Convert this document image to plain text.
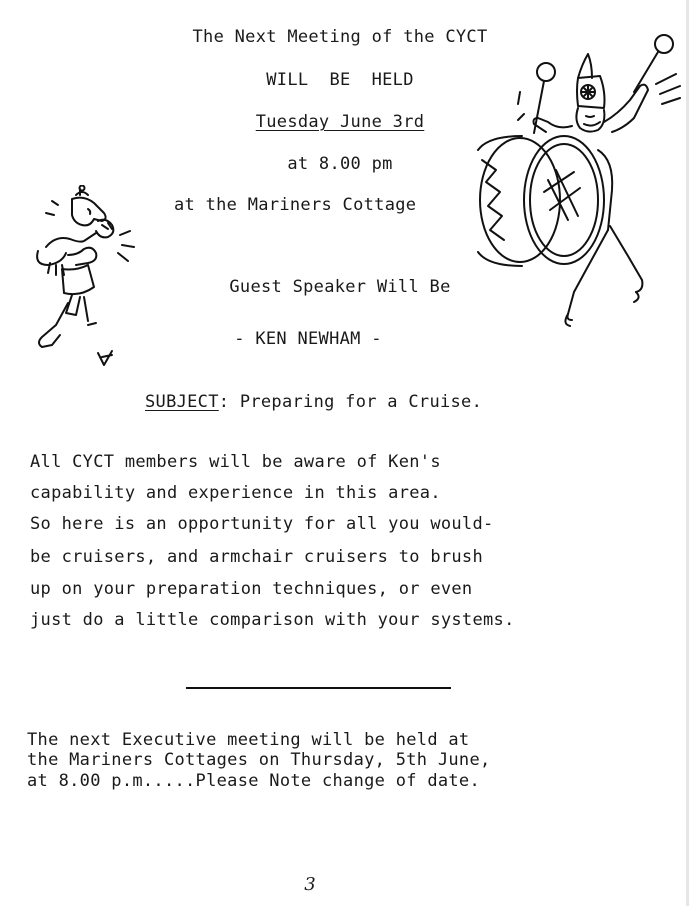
The Next Meeting of the CYCT
WILL  BE  HELD
Tuesday June 3rd
at 8.00 pm
at the Mariners Cottage
Guest Speaker Will Be
- KEN NEWHAM -
SUBJECT: Preparing for a Cruise.
All CYCT members will be aware of Ken's
capability and experience in this area.
So here is an opportunity for all you would-
be cruisers, and armchair cruisers to brush
up on your preparation techniques, or even
just do a little comparison with your systems.
The next Executive meeting will be held at
the Mariners Cottages on Thursday, 5th June,
at 8.00 p.m.....Please Note change of date.
3
